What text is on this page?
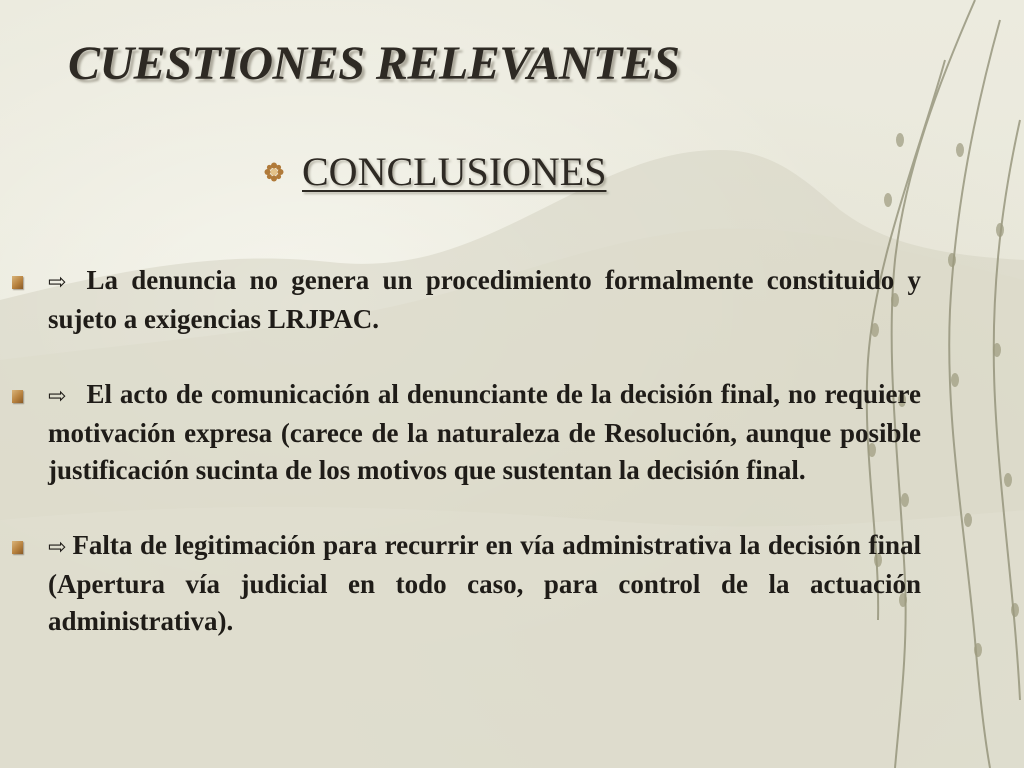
CUESTIONES RELEVANTES
CONCLUSIONES

⇨ La denuncia no genera un procedimiento formalmente constituido y sujeto a exigencias LRJPAC.

⇨ El acto de comunicación al denunciante de la decisión final, no requiere motivación expresa (carece de la naturaleza de Resolución, aunque posible justificación sucinta de los motivos que sustentan la decisión final.

⇨ Falta de legitimación para recurrir en vía administrativa la decisión final (Apertura vía judicial en todo caso, para control de la actuación administrativa).
